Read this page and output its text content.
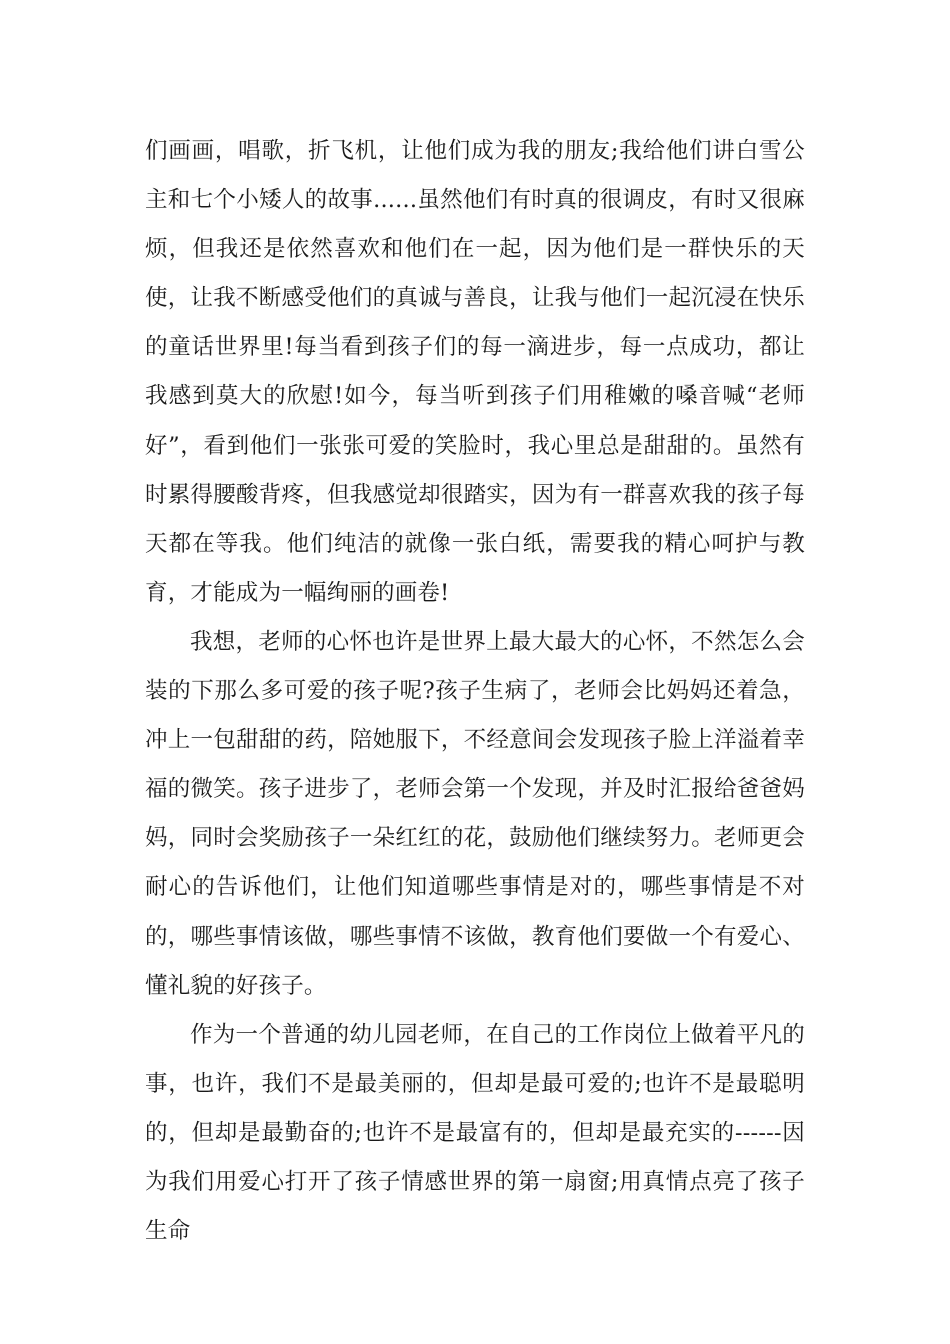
们画画，唱歌，折飞机，让他们成为我的朋友;我给他们讲白雪公主和七个小矮人的故事......虽然他们有时真的很调皮，有时又很麻烦，但我还是依然喜欢和他们在一起，因为他们是一群快乐的天使，让我不断感受他们的真诚与善良，让我与他们一起沉浸在快乐的童话世界里!每当看到孩子们的每一滴进步，每一点成功，都让我感到莫大的欣慰!如今，每当听到孩子们用稚嫩的嗓音喊“老师好”，看到他们一张张可爱的笑脸时，我心里总是甜甜的。虽然有时累得腰酸背疼，但我感觉却很踏实，因为有一群喜欢我的孩子每天都在等我。他们纯洁的就像一张白纸，需要我的精心呵护与教育，才能成为一幅绚丽的画卷!

我想，老师的心怀也许是世界上最大最大的心怀，不然怎么会装的下那么多可爱的孩子呢?孩子生病了，老师会比妈妈还着急，冲上一包甜甜的药，陪她服下，不经意间会发现孩子脸上洋溢着幸福的微笑。孩子进步了，老师会第一个发现，并及时汇报给爸爸妈妈，同时会奖励孩子一朵红红的花，鼓励他们继续努力。老师更会耐心的告诉他们，让他们知道哪些事情是对的，哪些事情是不对的，哪些事情该做，哪些事情不该做，教育他们要做一个有爱心、懂礼貌的好孩子。

作为一个普通的幼儿园老师，在自己的工作岗位上做着平凡的事，也许，我们不是最美丽的，但却是最可爱的;也许不是最聪明的，但却是最勤奋的;也许不是最富有的，但却是最充实的------因为我们用爱心打开了孩子情感世界的第一扇窗;用真情点亮了孩子生命
